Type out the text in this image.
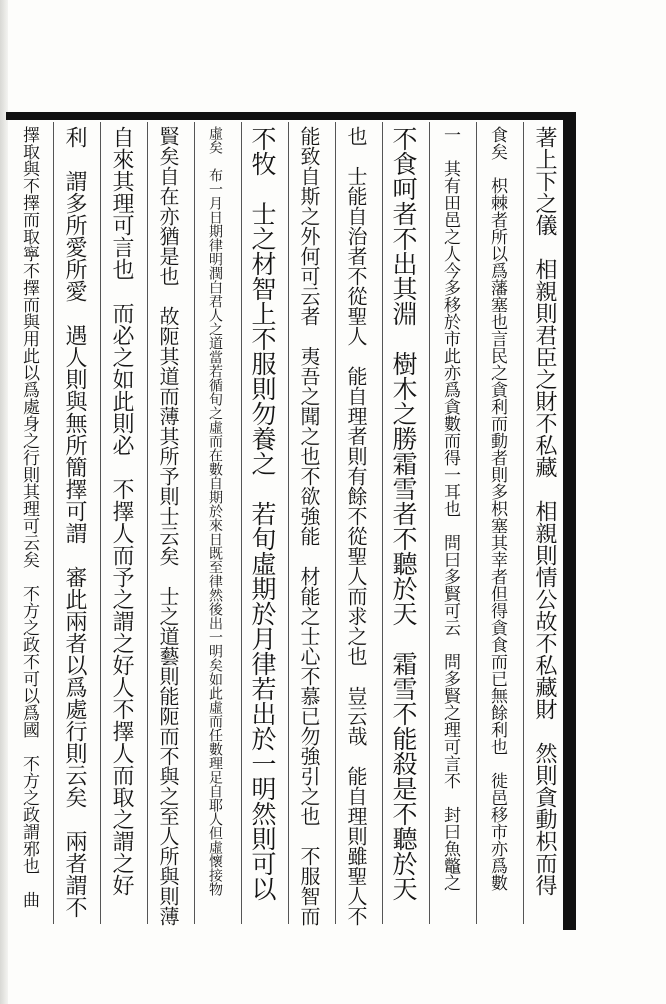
著上下之儀　相親則君臣之財不私藏　相親則情公故不私藏財　然則貪動枳而得
食矣　枳棘者所以爲藩塞也言民之貪利而動者則多枳塞其幸者但得貪食而已無餘利也　徙邑移市亦爲數
一　其有田邑之人今多移於市此亦爲貪數而得一耳也　問曰多賢可云　問多賢之理可言不　封曰魚鼈之
不食呵者不出其淵　樹木之勝霜雪者不聽於天　霜雪不能殺是不聽於天
也　士能自治者不從聖人　能自理者則有餘不從聖人而求之也　豈云哉　能自理則雖聖人不
能致自斯之外何可云者　夷吾之聞之也不欲強能　材能之士心不慕已勿強引之也　不服智而
不牧　士之材智上不服則勿養之　若旬虛期於月律若出於一明然則可以
虛矣　布一月日期律明潤白君人之道當若循旬之虛而在數自期於來日既至律然後出一明矣如此虛而任數理足自耶人但虛懷接物
賢矣自在亦猶是也　故阨其道而薄其所予則士云矣　士之道藝則能阨而不與之至人所與則薄
自來其理可言也　而必之如此則必　不擇人而予之謂之好人不擇人而取之謂之好
利　謂多所愛所愛　遇人則與無所簡擇可謂　審此兩者以爲處行則云矣　兩者謂不
擇取與不擇而取寧不擇而與用此以爲處身之行則其理可云矣　不方之政不可以爲國　不方之政謂邪也　曲
